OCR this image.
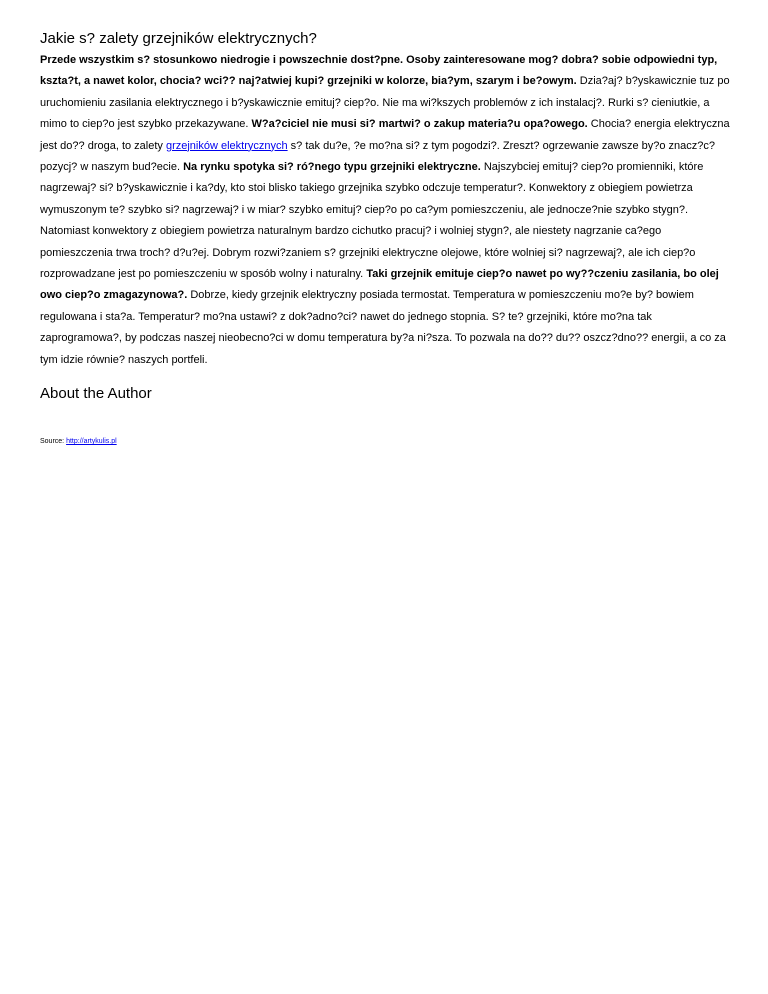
Jakie s? zalety grzejników elektrycznych?

Przede wszystkim s? stosunkowo niedrogie i powszechnie dost?pne. Osoby zainteresowane mog? dobra? sobie odpowiedni typ, kszta?t, a nawet kolor, chocia? wci?? naj?atwiej kupi? grzejniki w kolorze, bia?ym, szarym i be?owym. Dzia?aj? b?yskawicznie tuz po uruchomieniu zasilania elektrycznego i b?yskawicznie emituj? ciep?o. Nie ma wi?kszych problemów z ich instalacj?. Rurki s? cieniutkie, a mimo to ciep?o jest szybko przekazywane. W?a?ciciel nie musi si? martwi? o zakup materia?u opa?owego. Chocia? energia elektryczna jest do?? droga, to zalety grzejników elektrycznych s? tak du?e, ?e mo?na si? z tym pogodzi?. Zreszt? ogrzewanie zawsze by?o znacz?c? pozycj? w naszym bud?ecie. Na rynku spotyka si? ró?nego typu grzejniki elektryczne. Najszybciej emituj? ciep?o promienniki, które nagrzewaj? si? b?yskawicznie i ka?dy, kto stoi blisko takiego grzejnika szybko odczuje temperatur?. Konwektory z obiegiem powietrza wymuszonym te? szybko si? nagrzewaj? i w miar? szybko emituj? ciep?o po ca?ym pomieszczeniu, ale jednocze?nie szybko stygn?. Natomiast konwektory z obiegiem powietrza naturalnym bardzo cichutko pracuj? i wolniej stygn?, ale niestety nagrzanie ca?ego pomieszczenia trwa troch? d?u?ej. Dobrym rozwi?zaniem s? grzejniki elektryczne olejowe, które wolniej si? nagrzewaj?, ale ich ciep?o rozprowadzane jest po pomieszczeniu w sposób wolny i naturalny. Taki grzejnik emituje ciep?o nawet po wy??czeniu zasilania, bo olej owo ciep?o zmagazynowa?. Dobrze, kiedy grzejnik elektryczny posiada termostat. Temperatura w pomieszczeniu mo?e by? bowiem regulowana i sta?a. Temperatur? mo?na ustawi? z dok?adno?ci? nawet do jednego stopnia. S? te? grzejniki, które mo?na tak zaprogramowa?, by podczas naszej nieobecno?ci w domu temperatura by?a ni?sza. To pozwala na do?? du?? oszcz?dno?? energii, a co za tym idzie równie? naszych portfeli.

About the Author
Source: http://artykulis.pl
